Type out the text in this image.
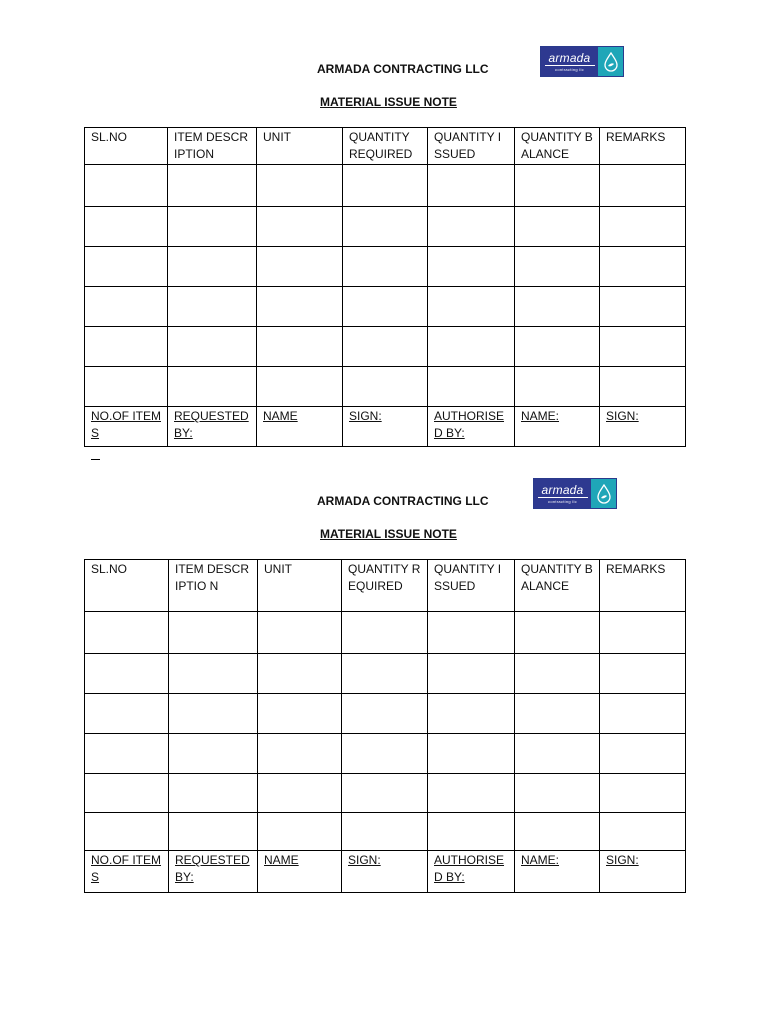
ARMADA CONTRACTING LLC
armada
contracting llc
MATERIAL ISSUE NOTE
SL.NO	ITEM DESCRIPTION	UNIT	QUANTITY REQUIRED	QUANTITY ISSUED	QUANTITY BALANCE	REMARKS

NO.OF ITEMS	REQUESTED BY:	NAME	SIGN:	AUTHORISE D BY:	NAME:	SIGN:
ARMADA CONTRACTING LLC
armada
contracting llc
MATERIAL ISSUE NOTE
SL.NO	ITEM DESCRIPTIO N	UNIT	QUANTITY REQUIRED	QUANTITY ISSUED	QUANTITY BALANCE	REMARKS

NO.OF ITEMS	REQUESTED BY:	NAME	SIGN:	AUTHORISED BY:	NAME:	SIGN:
